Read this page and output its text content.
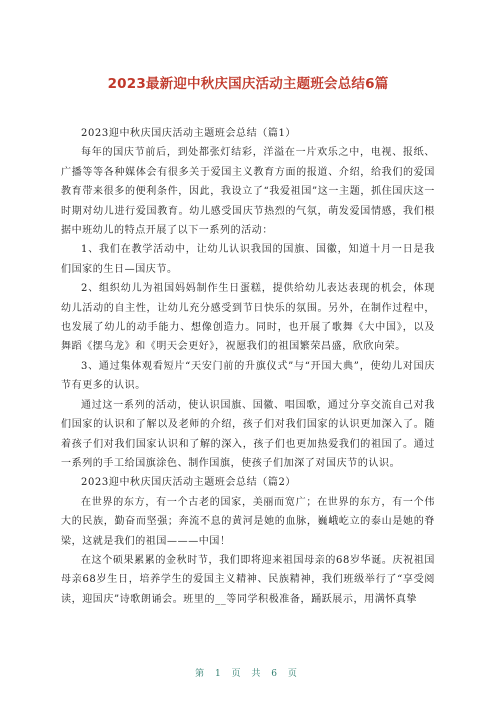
2023最新迎中秋庆国庆活动主题班会总结6篇

2023迎中秋庆国庆活动主题班会总结（篇1）

每年的国庆节前后，到处都张灯结彩，洋溢在一片欢乐之中，电视、报纸、广播等等各种媒体会有很多关于爱国主义教育方面的报道、介绍，给我们的爱国教育带来很多的便利条件，因此，我设立了“我爱祖国”这一主题，抓住国庆这一时期对幼儿进行爱国教育。幼儿感受国庆节热烈的气氛，萌发爱国情感，我们根据中班幼儿的特点开展了以下一系列的活动：

1、我们在教学活动中，让幼儿认识我国的国旗、国徽，知道十月一日是我们国家的生日—国庆节。

2、组织幼儿为祖国妈妈制作生日蛋糕，提供给幼儿表达表现的机会，体现幼儿活动的自主性，让幼儿充分感受到节日快乐的氛围。另外，在制作过程中，也发展了幼儿的动手能力、想像创造力。同时，也开展了歌舞《大中国》，以及舞蹈《摆乌龙》和《明天会更好》，祝愿我们的祖国繁荣昌盛，欣欣向荣。

3、通过集体观看短片“天安门前的升旗仪式”与“开国大典”，使幼儿对国庆节有更多的认识。

通过这一系列的活动，使认识国旗、国徽、唱国歌，通过分享交流自己对我们国家的认识和了解以及老师的介绍，孩子们对我们国家的认识更加深入了。随着孩子们对我们国家认识和了解的深入，孩子们也更加热爱我们的祖国了。通过一系列的手工给国旗涂色、制作国旗，使孩子们加深了对国庆节的认识。

2023迎中秋庆国庆活动主题班会总结（篇2）

在世界的东方，有一个古老的国家，美丽而宽广；在世界的东方，有一个伟大的民族，勤奋而坚强；奔流不息的黄河是她的血脉，巍峨屹立的泰山是她的脊梁，这就是我们的祖国———中国！

在这个硕果累累的金秋时节，我们即将迎来祖国母亲的68岁华诞。庆祝祖国母亲68岁生日，培养学生的爱国主义精神、民族精神，我们班级举行了“享受阅读，迎国庆”诗歌朗诵会。班里的__等同学积极准备，踊跃展示，用满怀真挚

第 1 页 共 6 页
